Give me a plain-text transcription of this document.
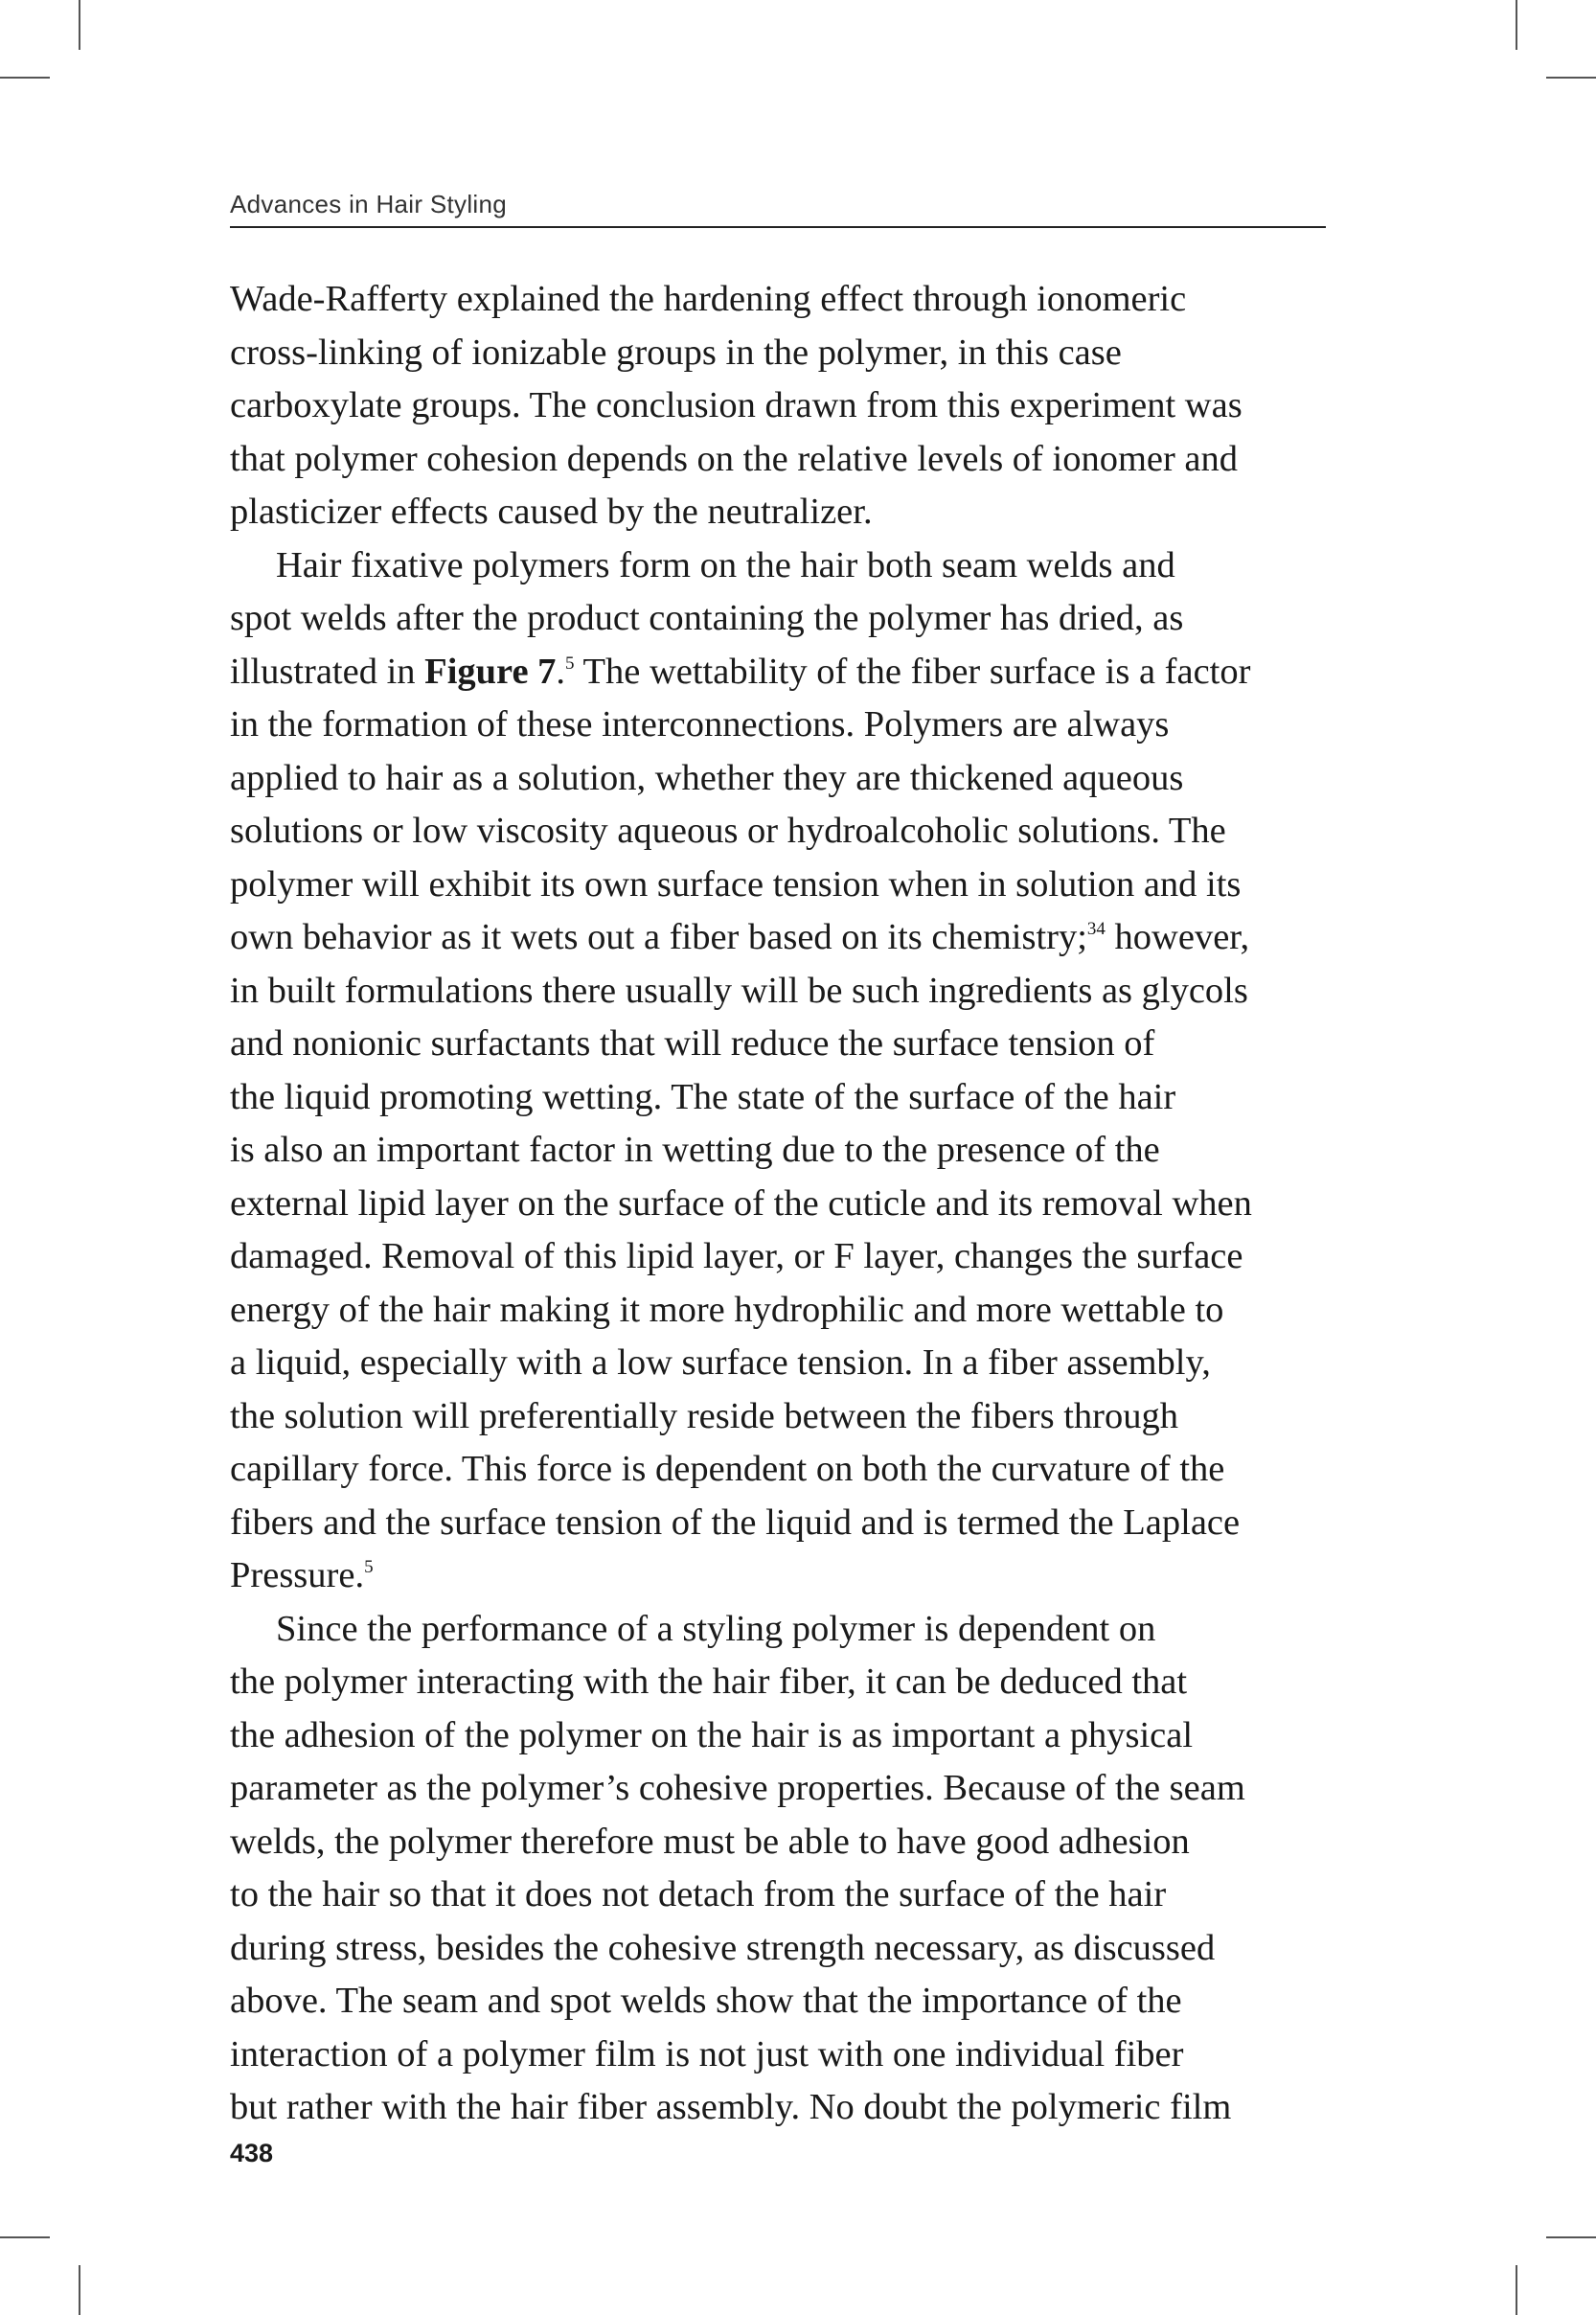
Advances in Hair Styling
Wade-Rafferty explained the hardening effect through ionomeric
cross-linking of ionizable groups in the polymer, in this case
carboxylate groups. The conclusion drawn from this experiment was
that polymer cohesion depends on the relative levels of ionomer and
plasticizer effects caused by the neutralizer.
Hair fixative polymers form on the hair both seam welds and
spot welds after the product containing the polymer has dried, as
illustrated in Figure 7.$^5$ The wettability of the fiber surface is a factor
in the formation of these interconnections. Polymers are always
applied to hair as a solution, whether they are thickened aqueous
solutions or low viscosity aqueous or hydroalcoholic solutions. The
polymer will exhibit its own surface tension when in solution and its
own behavior as it wets out a fiber based on its chemistry;$^{34}$ however,
in built formulations there usually will be such ingredients as glycols
and nonionic surfactants that will reduce the surface tension of
the liquid promoting wetting. The state of the surface of the hair
is also an important factor in wetting due to the presence of the
external lipid layer on the surface of the cuticle and its removal when
damaged. Removal of this lipid layer, or F layer, changes the surface
energy of the hair making it more hydrophilic and more wettable to
a liquid, especially with a low surface tension. In a fiber assembly,
the solution will preferentially reside between the fibers through
capillary force. This force is dependent on both the curvature of the
fibers and the surface tension of the liquid and is termed the Laplace
Pressure.$^5$
Since the performance of a styling polymer is dependent on
the polymer interacting with the hair fiber, it can be deduced that
the adhesion of the polymer on the hair is as important a physical
parameter as the polymer’s cohesive properties. Because of the seam
welds, the polymer therefore must be able to have good adhesion
to the hair so that it does not detach from the surface of the hair
during stress, besides the cohesive strength necessary, as discussed
above. The seam and spot welds show that the importance of the
interaction of a polymer film is not just with one individual fiber
but rather with the hair fiber assembly. No doubt the polymeric film
438
